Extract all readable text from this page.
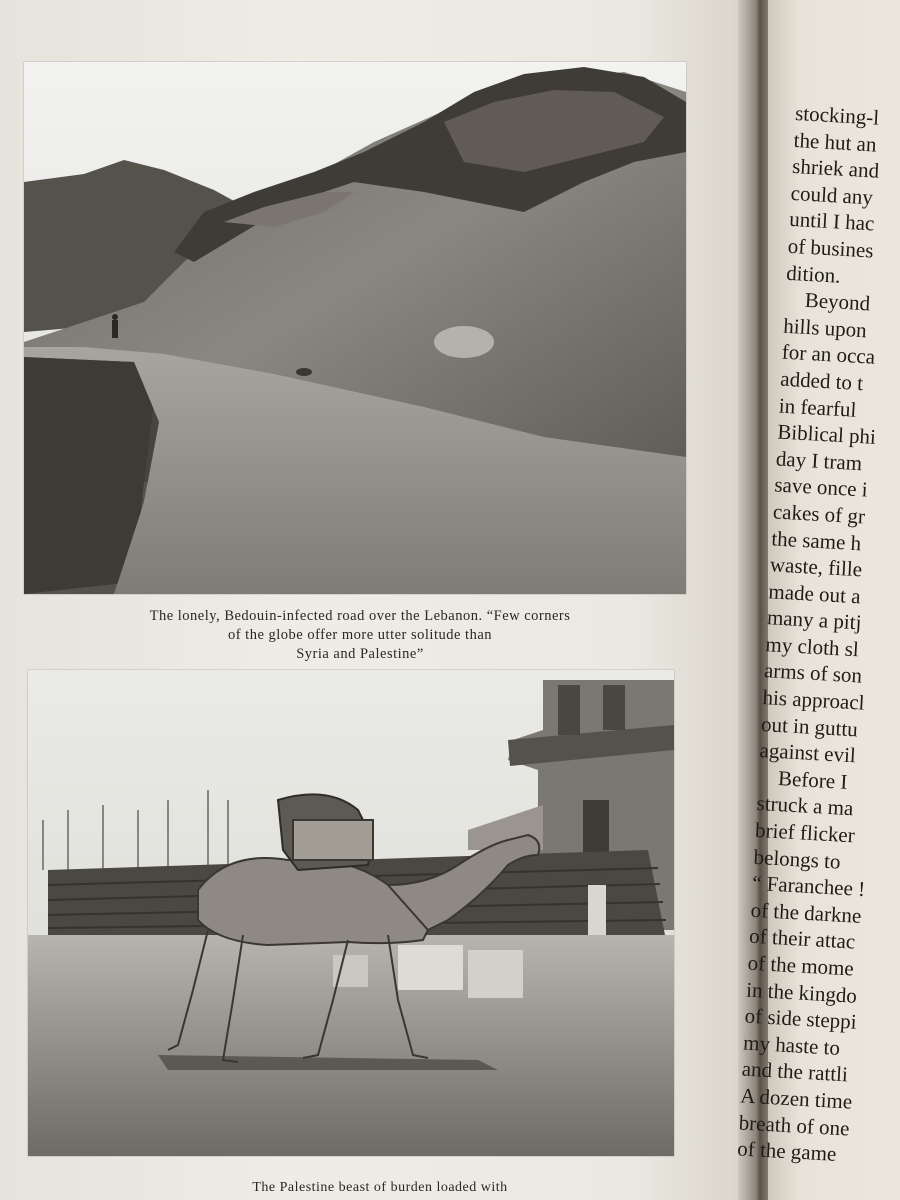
The lonely, Bedouin-infected road over the Lebanon. “Few corners
of the globe offer more utter solitude than
Syria and Palestine”
The Palestine beast of burden loaded with
stocking-l
the hut an
shriek and
could any
until I hac
of busines
dition.
Beyond
hills upon
for an occa
added to t
in fearful
Biblical phi
day I tram
save once i
cakes of gr
the same h
waste, fille
made out a
many a pitj
my cloth sl
arms of son
his approacl
out in guttu
against evil
Before I
struck a ma
brief flicker
belongs to
“ Faranchee !
of the darkne
of their attac
of the mome
in the kingdo
of side steppi
my haste to
and the rattli
A dozen time
breath of one
of the game
